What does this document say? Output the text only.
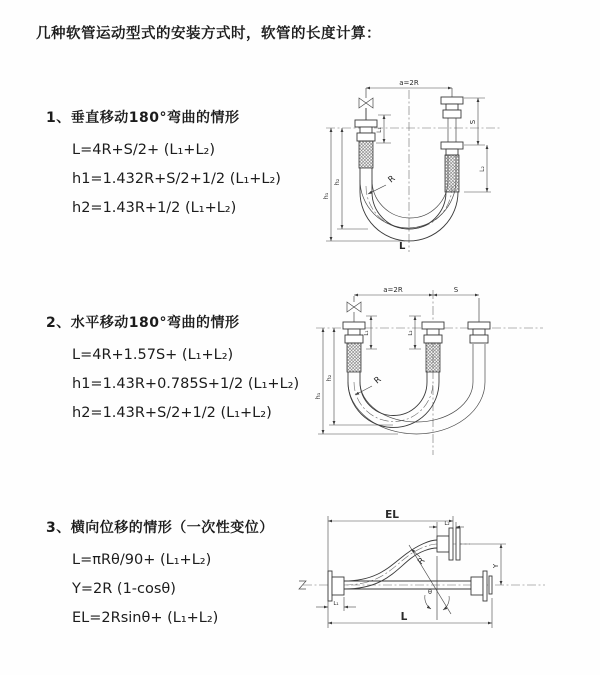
几种软管运动型式的安装方式时，软管的长度计算：
1、垂直移动180°弯曲的情形
L=4R+S/2+ (L₁+L₂)
h1=1.432R+S/2+1/2 (L₁+L₂)
h2=1.43R+1/2 (L₁+L₂)
2、水平移动180°弯曲的情形
L=4R+1.57S+ (L₁+L₂)
h1=1.43R+0.785S+1/2 (L₁+L₂)
h2=1.43R+S/2+1/2 (L₁+L₂)
3、横向位移的情形（一次性变位）
L=πRθ/90+ (L₁+L₂)
Y=2R (1-cosθ)
EL=2Rsinθ+ (L₁+L₂)
a=2R
S
L₂
L₁
h₁
h₂	R
L
a=2R	S
L₁	L₂
h₁
h₂	R
θ
EL
L₂
Y
L
L₁
R
